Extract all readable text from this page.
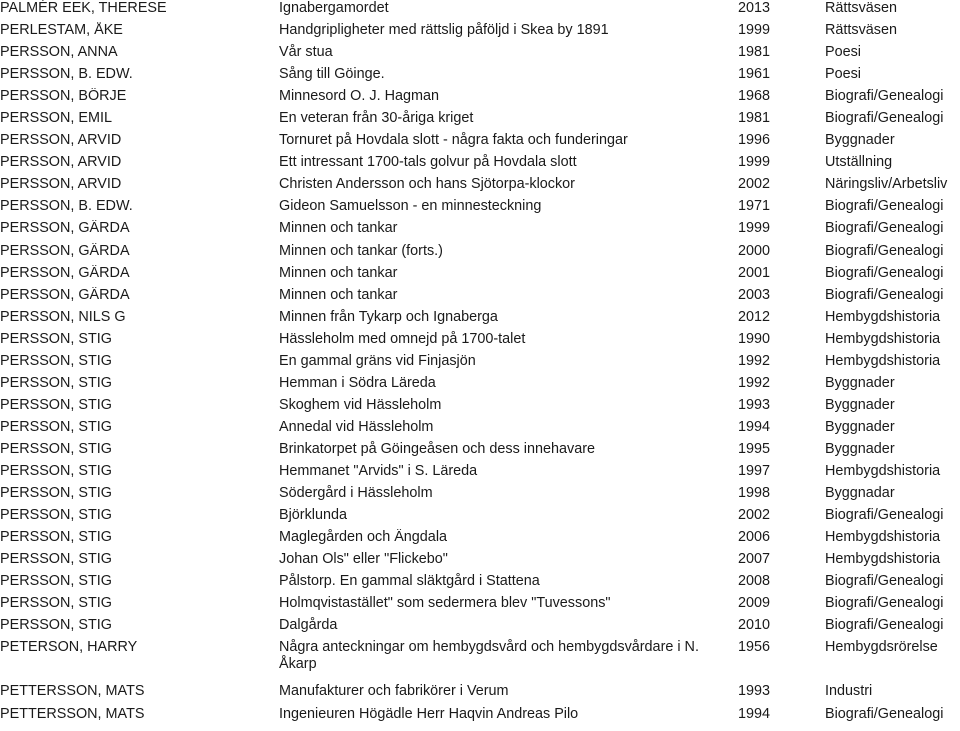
PALMÉR EEK, THERESE	Ignabergamordet	2013	Rättsväsen
PERLESTAM, ÅKE	Handgripligheter med rättslig påföljd i Skea by 1891	1999	Rättsväsen
PERSSON, ANNA	Vår stua	1981	Poesi
PERSSON, B. EDW.	Sång till Göinge.	1961	Poesi
PERSSON, BÖRJE	Minnesord O. J. Hagman	1968	Biografi/Genealogi
PERSSON, EMIL	En veteran från 30-åriga kriget	1981	Biografi/Genealogi
PERSSON, ARVID	Tornuret på Hovdala slott - några fakta och funderingar	1996	Byggnader
PERSSON, ARVID	Ett intressant 1700-tals golvur på Hovdala slott	1999	Utställning
PERSSON, ARVID	Christen Andersson och hans Sjötorpa-klockor	2002	Näringsliv/Arbetsliv
PERSSON, B. EDW.	Gideon Samuelsson - en minnesteckning	1971	Biografi/Genealogi
PERSSON, GÄRDA	Minnen och tankar	1999	Biografi/Genealogi
PERSSON, GÄRDA	Minnen och tankar (forts.)	2000	Biografi/Genealogi
PERSSON, GÄRDA	Minnen och tankar	2001	Biografi/Genealogi
PERSSON, GÄRDA	Minnen och tankar	2003	Biografi/Genealogi
PERSSON, NILS G	Minnen från Tykarp och Ignaberga	2012	Hembygdshistoria
PERSSON, STIG	Hässleholm med omnejd på 1700-talet	1990	Hembygdshistoria
PERSSON, STIG	En gammal gräns vid Finjasjön	1992	Hembygdshistoria
PERSSON, STIG	Hemman i Södra Läreda	1992	Byggnader
PERSSON, STIG	Skoghem vid Hässleholm	1993	Byggnader
PERSSON, STIG	Annedal vid Hässleholm	1994	Byggnader
PERSSON, STIG	Brinkatorpet på Göingeåsen och dess innehavare	1995	Byggnader
PERSSON, STIG	Hemmanet "Arvids" i S. Läreda	1997	Hembygdshistoria
PERSSON, STIG	Södergård i Hässleholm	1998	Byggnadar
PERSSON, STIG	Björklunda	2002	Biografi/Genealogi
PERSSON, STIG	Maglegården och Ängdala	2006	Hembygdshistoria
PERSSON, STIG	Johan Ols" eller "Flickebo"	2007	Hembygdshistoria
PERSSON, STIG	Pålstorp. En gammal släktgård i Stattena	2008	Biografi/Genealogi
PERSSON, STIG	Holmqvistastället" som sedermera blev "Tuvessons"	2009	Biografi/Genealogi
PERSSON, STIG	Dalgårda	2010	Biografi/Genealogi
PETERSON, HARRY	Några anteckningar om hembygdsvård och hembygdsvårdare i N. Åkarp	1956	Hembygdsrörelse
PETTERSSON, MATS	Manufakturer och fabrikörer i Verum	1993	Industri
PETTERSSON, MATS	Ingenieuren Högädle Herr Haqvin Andreas Pilo	1994	Biografi/Genealogi
